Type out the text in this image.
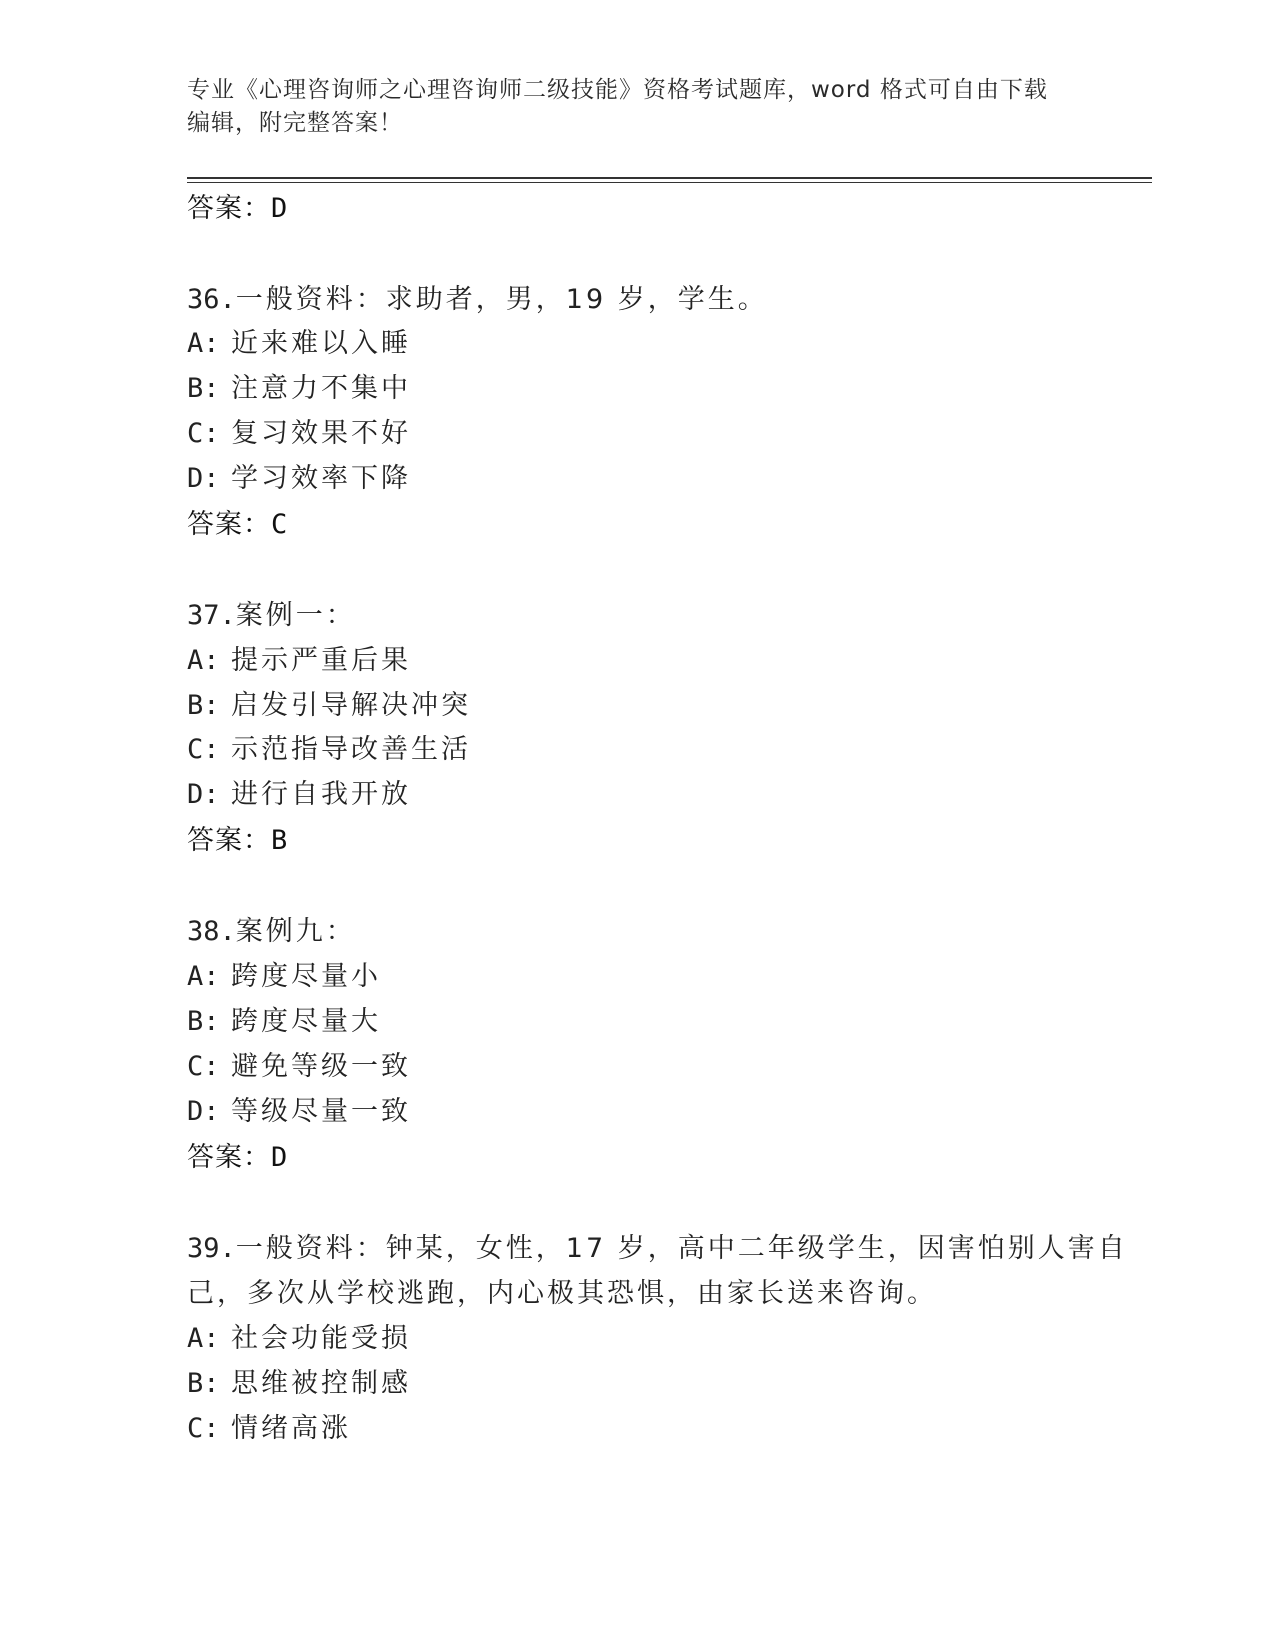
专业《心理咨询师之心理咨询师二级技能》资格考试题库，word 格式可自由下载
编辑，附完整答案！
答案：D
36.一般资料：求助者，男，19 岁，学生。
A: 近来难以入睡
B: 注意力不集中
C: 复习效果不好
D: 学习效率下降
答案：C
37.案例一：
A: 提示严重后果
B: 启发引导解决冲突
C: 示范指导改善生活
D: 进行自我开放
答案：B
38.案例九：
A: 跨度尽量小
B: 跨度尽量大
C: 避免等级一致
D: 等级尽量一致
答案：D
39.一般资料：钟某，女性，17 岁，高中二年级学生，因害怕别人害自
己，多次从学校逃跑，内心极其恐惧，由家长送来咨询。
A: 社会功能受损
B: 思维被控制感
C: 情绪高涨
